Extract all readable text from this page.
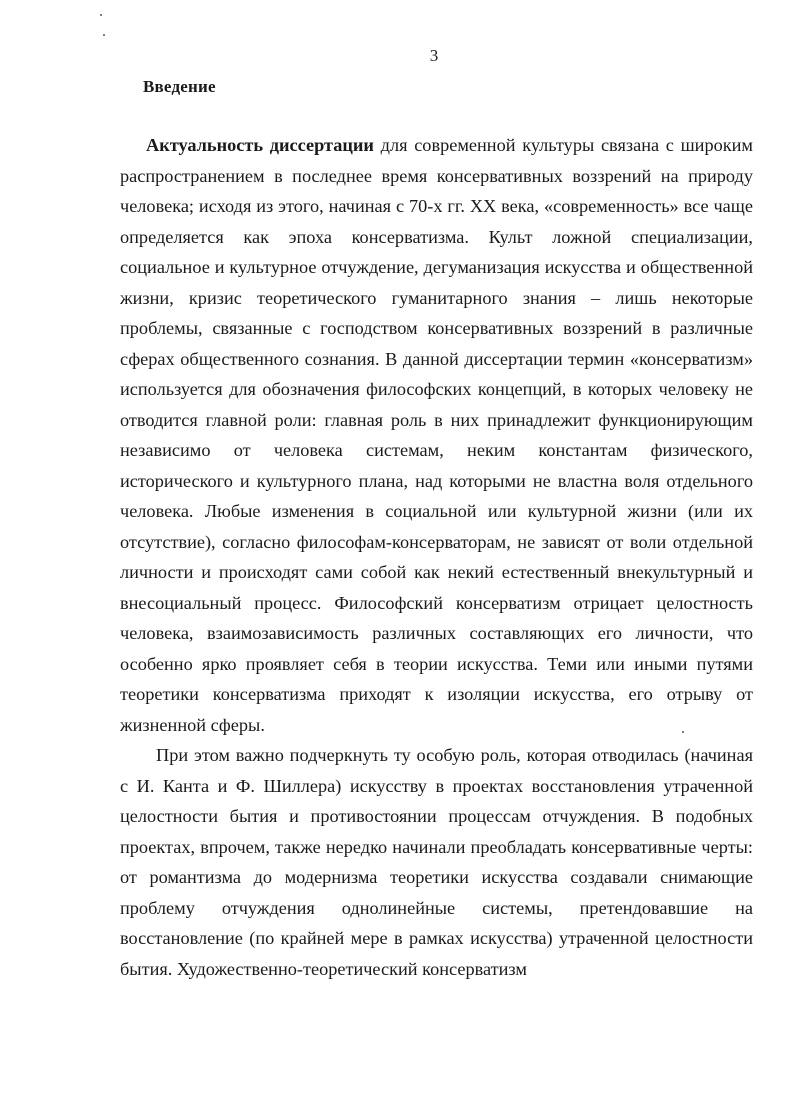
3
Введение

Актуальность диссертации для современной культуры связана с широким распространением в последнее время консервативных воззрений на природу человека; исходя из этого, начиная с 70-х гг. XX века, «современность» все чаще определяется как эпоха консерватизма. Культ ложной специализации, социальное и культурное отчуждение, дегуманизация искусства и общественной жизни, кризис теоретического гуманитарного знания – лишь некоторые проблемы, связанные с господством консервативных воззрений в различные сферах общественного сознания. В данной диссертации термин «консерватизм» используется для обозначения философских концепций, в которых человеку не отводится главной роли: главная роль в них принадлежит функционирующим независимо от человека системам, неким константам физического, исторического и культурного плана, над которыми не властна воля отдельного человека. Любые изменения в социальной или культурной жизни (или их отсутствие), согласно философам-консерваторам, не зависят от воли отдельной личности и происходят сами собой как некий естественный внекультурный и внесоциальный процесс. Философский консерватизм отрицает целостность человека, взаимозависимость различных составляющих его личности, что особенно ярко проявляет себя в теории искусства. Теми или иными путями теоретики консерватизма приходят к изоляции искусства, его отрыву от жизненной сферы.

При этом важно подчеркнуть ту особую роль, которая отводилась (начиная с И. Канта и Ф. Шиллера) искусству в проектах восстановления утраченной целостности бытия и противостоянии процессам отчуждения. В подобных проектах, впрочем, также нередко начинали преобладать консервативные черты: от романтизма до модернизма теоретики искусства создавали снимающие проблему отчуждения однолинейные системы, претендовавшие на восстановление (по крайней мере в рамках искусства) утраченной целостности бытия. Художественно-теоретический консерватизм
